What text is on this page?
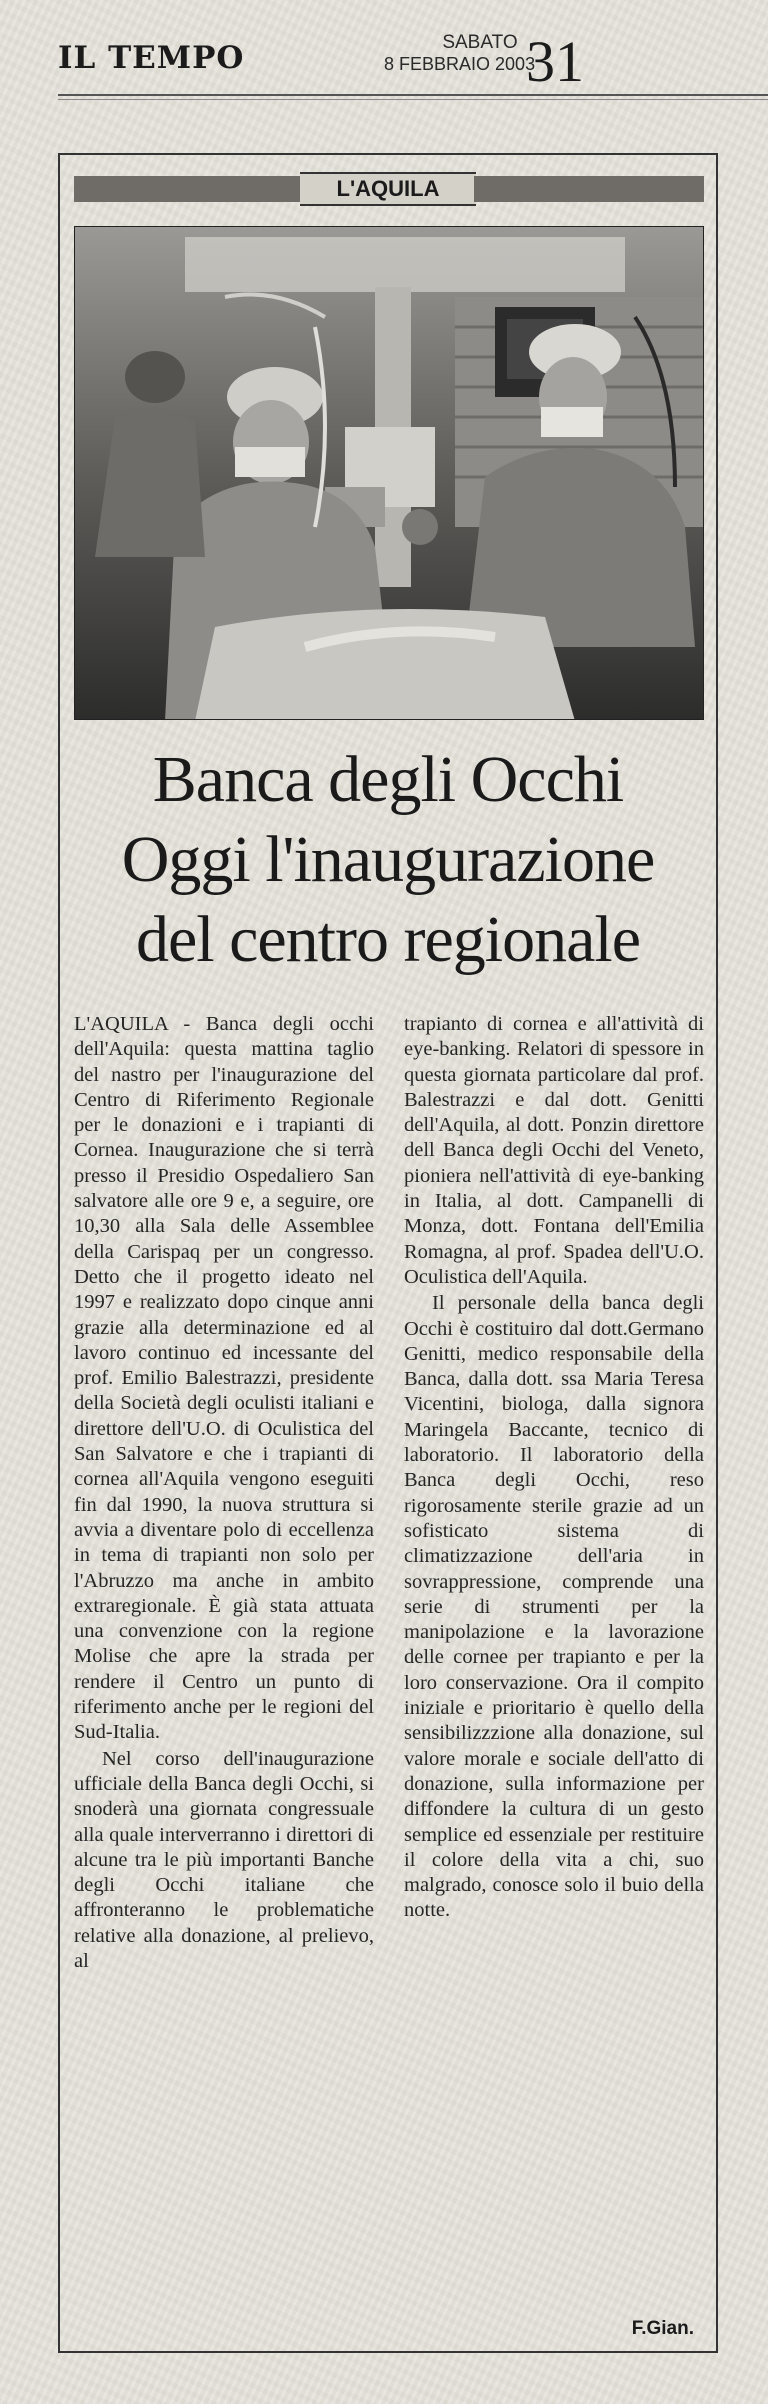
IL TEMPO	SABATO
8 FEBBRAIO 2003
31
L'AQUILA
Banca degli Occhi
Oggi l'inaugurazione
del centro regionale

L'AQUILA - Banca degli occhi dell'Aquila: questa mattina taglio del nastro per l'inaugurazione del Centro di Riferimento Regionale per le donazioni e i trapianti di Cornea. Inaugurazione che si terrà presso il Presidio Ospedaliero San salvatore alle ore 9 e, a seguire, ore 10,30 alla Sala delle Assemblee della Carispaq per un congresso. Detto che il progetto ideato nel 1997 e realizzato dopo cinque anni grazie alla determinazione ed al lavoro continuo ed incessante del prof. Emilio Balestrazzi, presidente della Società degli oculisti italiani e direttore dell'U.O. di Oculistica del San Salvatore e che i trapianti di cornea all'Aquila vengono eseguiti fin dal 1990, la nuova struttura si avvia a diventare polo di eccellenza in tema di trapianti non solo per l'Abruzzo ma anche in ambito extraregionale. È già stata attuata una convenzione con la regione Molise che apre la strada per rendere il Centro un punto di riferimento anche per le regioni del Sud-Italia.

Nel corso dell'inaugurazione ufficiale della Banca degli Occhi, si snoderà una giornata congressuale alla quale interverranno i direttori di alcune tra le più importanti Banche degli Occhi italiane che affronteranno le problematiche relative alla donazione, al prelievo, al

trapianto di cornea e all'attività di eye-banking. Relatori di spessore in questa giornata particolare dal prof. Balestrazzi e dal dott. Genitti dell'Aquila, al dott. Ponzin direttore dell Banca degli Occhi del Veneto, pioniera nell'attività di eye-banking in Italia, al dott. Campanelli di Monza, dott. Fontana dell'Emilia Romagna, al prof. Spadea dell'U.O. Oculistica dell'Aquila.

Il personale della banca degli Occhi è costituiro dal dott.Germano Genitti, medico responsabile della Banca, dalla dott. ssa Maria Teresa Vicentini, biologa, dalla signora Maringela Baccante, tecnico di laboratorio. Il laboratorio della Banca degli Occhi, reso rigorosamente sterile grazie ad un sofisticato sistema di climatizzazione dell'aria in sovrappressione, comprende una serie di strumenti per la manipolazione e la lavorazione delle cornee per trapianto e per la loro conservazione. Ora il compito iniziale e prioritario è quello della sensibilizzzione alla donazione, sul valore morale e sociale dell'atto di donazione, sulla informazione per diffondere la cultura di un gesto semplice ed essenziale per restituire il colore della vita a chi, suo malgrado, conosce solo il buio della notte.

F.Gian.
